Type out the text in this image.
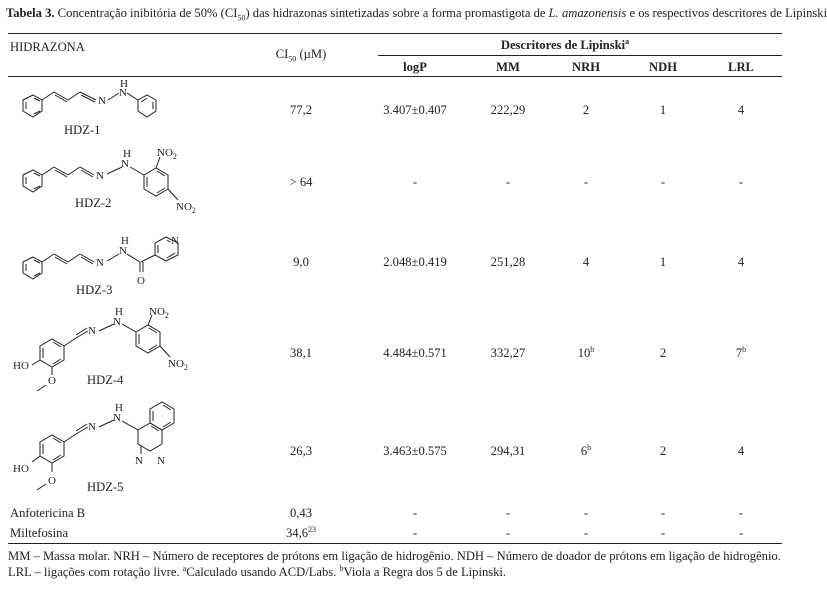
Tabela 3. Concentração inibitória de 50% $(CI_{50})$ das hidrazonas sintetizadas sobre a forma promastigota de L. amazonensis e os respectivos descritores de Lipinski
HIDRAZONA	$CI_{50}$ (µM)
Descritores de Lipinski$^a$
logP	MM	NRH	NDH	LRL
N
N
H
HDZ-1
77,2	3.407±0.407	222,29	2	1	4
N
N
H $NO_2$
$NO_2$
HDZ-2
> 64	-	-	-	-	-
N
N
H
O
N
HDZ-3
9,0	2.048±0.419	251,28	4	1	4
N
N
H $NO_2$
$NO_2$
HO
O HDZ-4
38,1	4.484±0.571	332,27	10$^b$	2	7$^b$
N
N
H
N N
HO
O HDZ-5
26,3	3.463±0.575	294,31	6$^b$	2	4
Anfotericina B	0,43	-	-	-	-	-
Miltefosina	34,6$^{23}$	-	-	-	-	-
MM – Massa molar. NRH – Número de receptores de prótons em ligação de hidrogênio. NDH – Número de doador de prótons em ligação de hidrogênio.
LRL – ligações com rotação livre. $^a$Calculado usando ACD/Labs. $^b$Viola a Regra dos 5 de Lipinski.
